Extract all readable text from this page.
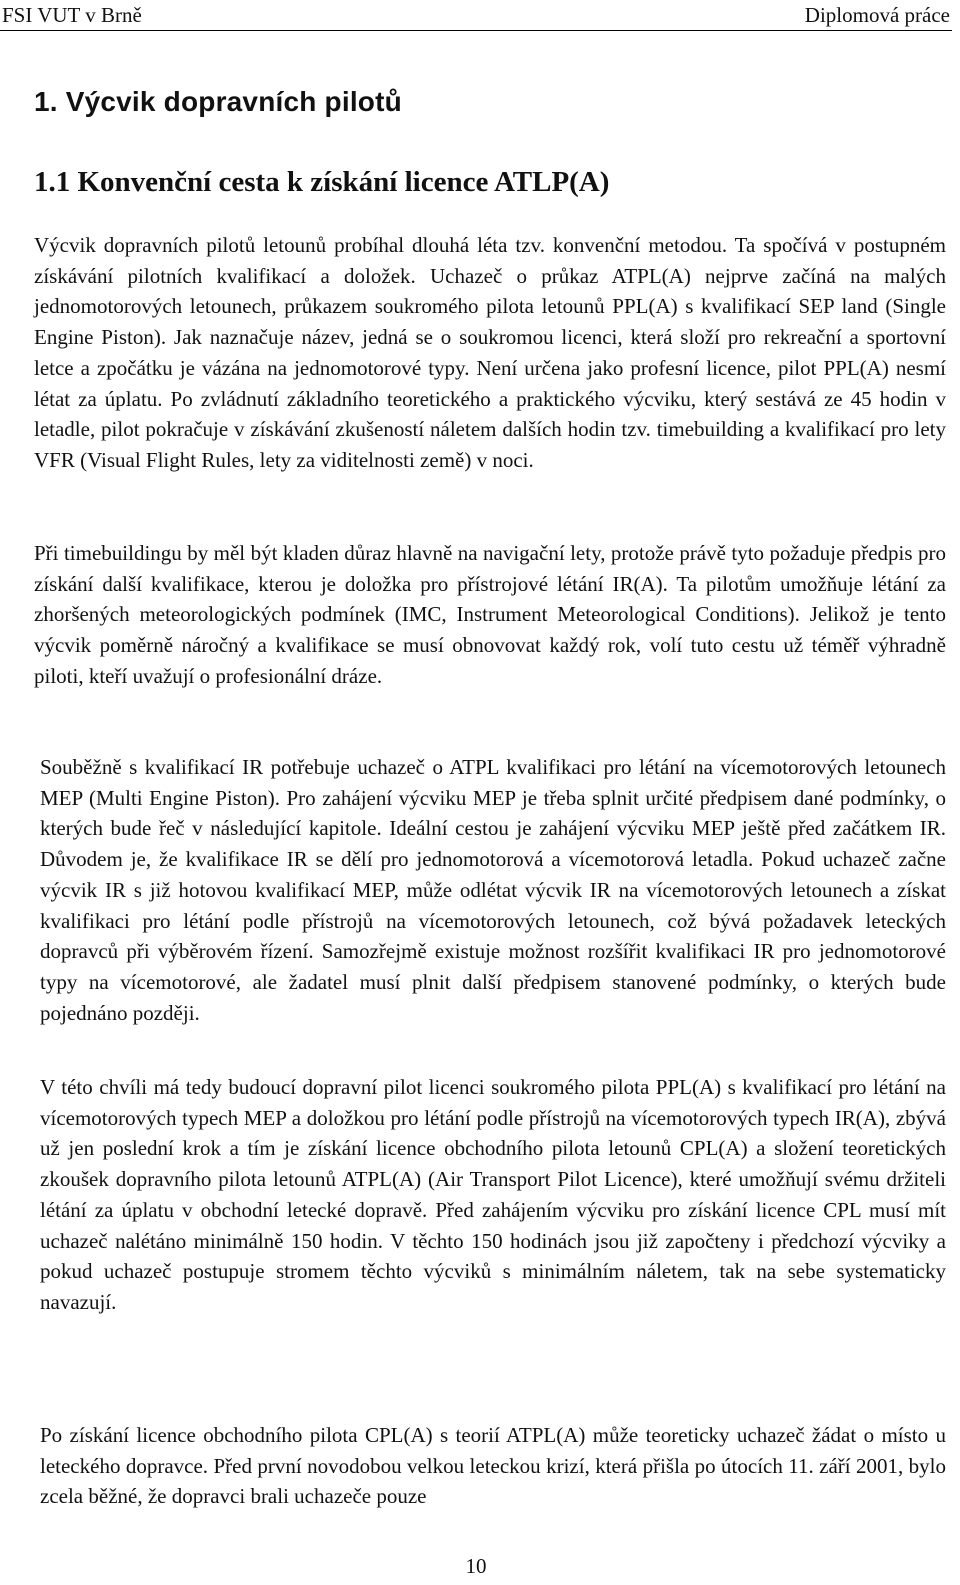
FSI VUT v Brně	Diplomová práce
1. Výcvik dopravních pilotů
1.1 Konvenční cesta k získání licence ATLP(A)

Výcvik dopravních pilotů letounů probíhal dlouhá léta tzv. konvenční metodou. Ta spočívá v postupném získávání pilotních kvalifikací a doložek. Uchazeč o průkaz ATPL(A) nejprve začíná na malých jednomotorových letounech, průkazem soukromého pilota letounů PPL(A) s kvalifikací SEP land (Single Engine Piston). Jak naznačuje název, jedná se o soukromou licenci, která složí pro rekreační a sportovní letce a zpočátku je vázána na jednomotorové typy. Není určena jako profesní licence, pilot PPL(A) nesmí létat za úplatu. Po zvládnutí základního teoretického a praktického výcviku, který sestává ze 45 hodin v letadle, pilot pokračuje v získávání zkušeností náletem dalších hodin tzv. timebuilding a kvalifikací pro lety VFR (Visual Flight Rules, lety za viditelnosti země) v noci.

Při timebuildingu by měl být kladen důraz hlavně na navigační lety, protože právě tyto požaduje předpis pro získání další kvalifikace, kterou je doložka pro přístrojové létání IR(A). Ta pilotům umožňuje létání za zhoršených meteorologických podmínek (IMC, Instrument Meteorological Conditions). Jelikož je tento výcvik poměrně náročný a kvalifikace se musí obnovovat každý rok, volí tuto cestu už téměř výhradně piloti, kteří uvažují o profesionální dráze.

Souběžně s kvalifikací IR potřebuje uchazeč o ATPL kvalifikaci pro létání na vícemotorových letounech MEP (Multi Engine Piston). Pro zahájení výcviku MEP je třeba splnit určité předpisem dané podmínky, o kterých bude řeč v následující kapitole. Ideální cestou je zahájení výcviku MEP ještě před začátkem IR. Důvodem je, že kvalifikace IR se dělí pro jednomotorová a vícemotorová letadla. Pokud uchazeč začne výcvik IR s již hotovou kvalifikací MEP, může odlétat výcvik IR na vícemotorových letounech a získat kvalifikaci pro létání podle přístrojů na vícemotorových letounech, což bývá požadavek leteckých dopravců při výběrovém řízení. Samozřejmě existuje možnost rozšířit kvalifikaci IR pro jednomotorové typy na vícemotorové, ale žadatel musí plnit další předpisem stanovené podmínky, o kterých bude pojednáno později.

V této chvíli má tedy budoucí dopravní pilot licenci soukromého pilota PPL(A) s kvalifikací pro létání na vícemotorových typech MEP a doložkou pro létání podle přístrojů na vícemotorových typech IR(A), zbývá už jen poslední krok a tím je získání licence obchodního pilota letounů CPL(A) a složení teoretických zkoušek dopravního pilota letounů ATPL(A) (Air Transport Pilot Licence), které umožňují svému držiteli létání za úplatu v obchodní letecké dopravě. Před zahájením výcviku pro získání licence CPL musí mít uchazeč nalétáno minimálně 150 hodin. V těchto 150 hodinách jsou již započteny i předchozí výcviky a pokud uchazeč postupuje stromem těchto výcviků s minimálním náletem, tak na sebe systematicky navazují.

Po získání licence obchodního pilota CPL(A) s teorií ATPL(A) může teoreticky uchazeč žádat o místo u leteckého dopravce. Před první novodobou velkou leteckou krizí, která přišla po útocích 11. září 2001, bylo zcela běžné, že dopravci brali uchazeče pouze

10
